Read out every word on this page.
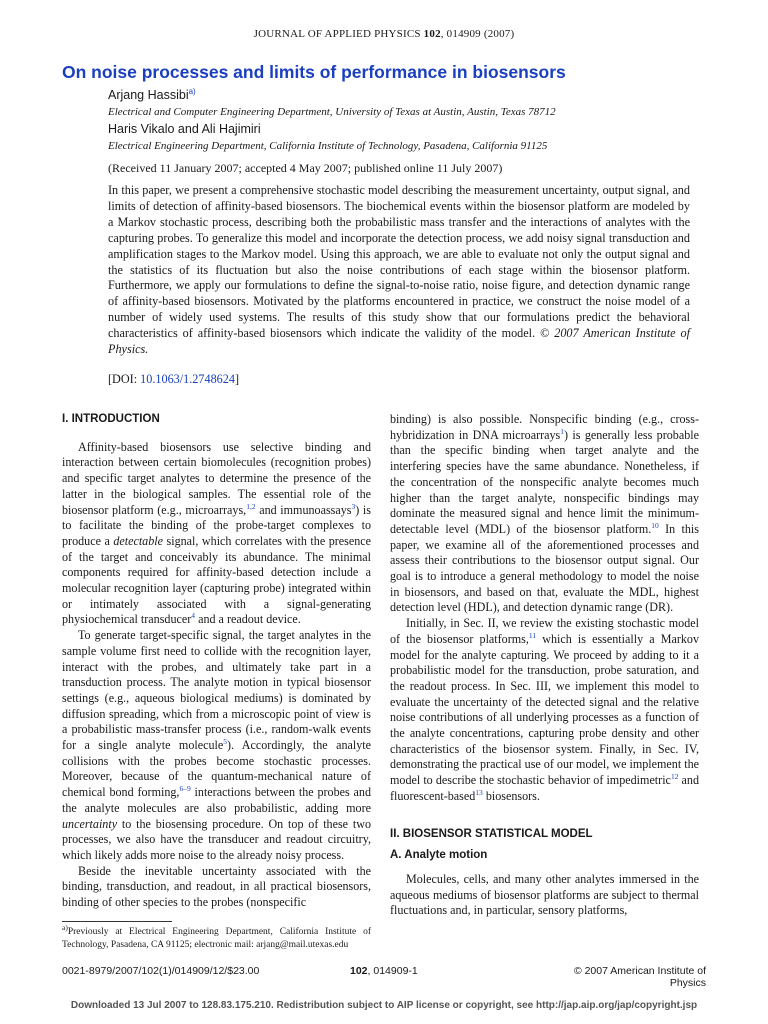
JOURNAL OF APPLIED PHYSICS 102, 014909 (2007)
On noise processes and limits of performance in biosensors
Arjang Hassibi$^{a)}$
Electrical and Computer Engineering Department, University of Texas at Austin, Austin, Texas 78712
Haris Vikalo and Ali Hajimiri
Electrical Engineering Department, California Institute of Technology, Pasadena, California 91125
(Received 11 January 2007; accepted 4 May 2007; published online 11 July 2007)
In this paper, we present a comprehensive stochastic model describing the measurement uncertainty, output signal, and limits of detection of affinity-based biosensors. The biochemical events within the biosensor platform are modeled by a Markov stochastic process, describing both the probabilistic mass transfer and the interactions of analytes with the capturing probes. To generalize this model and incorporate the detection process, we add noisy signal transduction and amplification stages to the Markov model. Using this approach, we are able to evaluate not only the output signal and the statistics of its fluctuation but also the noise contributions of each stage within the biosensor platform. Furthermore, we apply our formulations to define the signal-to-noise ratio, noise figure, and detection dynamic range of affinity-based biosensors. Motivated by the platforms encountered in practice, we construct the noise model of a number of widely used systems. The results of this study show that our formulations predict the behavioral characteristics of affinity-based biosensors which indicate the validity of the model. © 2007 American Institute of Physics.
[DOI: 10.1063/1.2748624]
I. INTRODUCTION

Affinity-based biosensors use selective binding and interaction between certain biomolecules (recognition probes) and specific target analytes to determine the presence of the latter in the biological samples. The essential role of the biosensor platform (e.g., microarrays,$^{1,2}$ and immunoassays$^3$) is to facilitate the binding of the probe-target complexes to produce a detectable signal, which correlates with the presence of the target and conceivably its abundance. The minimal components required for affinity-based detection include a molecular recognition layer (capturing probe) integrated within or intimately associated with a signal-generating physiochemical transducer$^4$ and a readout device.

To generate target-specific signal, the target analytes in the sample volume first need to collide with the recognition layer, interact with the probes, and ultimately take part in a transduction process. The analyte motion in typical biosensor settings (e.g., aqueous biological mediums) is dominated by diffusion spreading, which from a microscopic point of view is a probabilistic mass-transfer process (i.e., random-walk events for a single analyte molecule$^5$). Accordingly, the analyte collisions with the probes become stochastic processes. Moreover, because of the quantum-mechanical nature of chemical bond forming,$^{6-9}$ interactions between the probes and the analyte molecules are also probabilistic, adding more uncertainty to the biosensing procedure. On top of these two processes, we also have the transducer and readout circuitry, which likely adds more noise to the already noisy process.

Beside the inevitable uncertainty associated with the binding, transduction, and readout, in all practical biosensors, binding of other species to the probes (nonspecific

binding) is also possible. Nonspecific binding (e.g., cross-hybridization in DNA microarrays$^1$) is generally less probable than the specific binding when target analyte and the interfering species have the same abundance. Nonetheless, if the concentration of the nonspecific analyte becomes much higher than the target analyte, nonspecific bindings may dominate the measured signal and hence limit the minimum-detectable level (MDL) of the biosensor platform.$^{10}$ In this paper, we examine all of the aforementioned processes and assess their contributions to the biosensor output signal. Our goal is to introduce a general methodology to model the noise in biosensors, and based on that, evaluate the MDL, highest detection level (HDL), and detection dynamic range (DR).

Initially, in Sec. II, we review the existing stochastic model of the biosensor platforms,$^{11}$ which is essentially a Markov model for the analyte capturing. We proceed by adding to it a probabilistic model for the transduction, probe saturation, and the readout process. In Sec. III, we implement this model to evaluate the uncertainty of the detected signal and the relative noise contributions of all underlying processes as a function of the analyte concentrations, capturing probe density and other characteristics of the biosensor system. Finally, in Sec. IV, demonstrating the practical use of our model, we implement the model to describe the stochastic behavior of impedimetric$^{12}$ and fluorescent-based$^{13}$ biosensors.

II. BIOSENSOR STATISTICAL MODEL
A. Analyte motion

Molecules, cells, and many other analytes immersed in the aqueous mediums of biosensor platforms are subject to thermal fluctuations and, in particular, sensory platforms,

$^{a)}$Previously at Electrical Engineering Department, California Institute of Technology, Pasadena, CA 91125; electronic mail: arjang@mail.utexas.edu
0021-8979/2007/102(1)/014909/12/$23.00	102, 014909-1	© 2007 American Institute of Physics
Downloaded 13 Jul 2007 to 128.83.175.210. Redistribution subject to AIP license or copyright, see http://jap.aip.org/jap/copyright.jsp
